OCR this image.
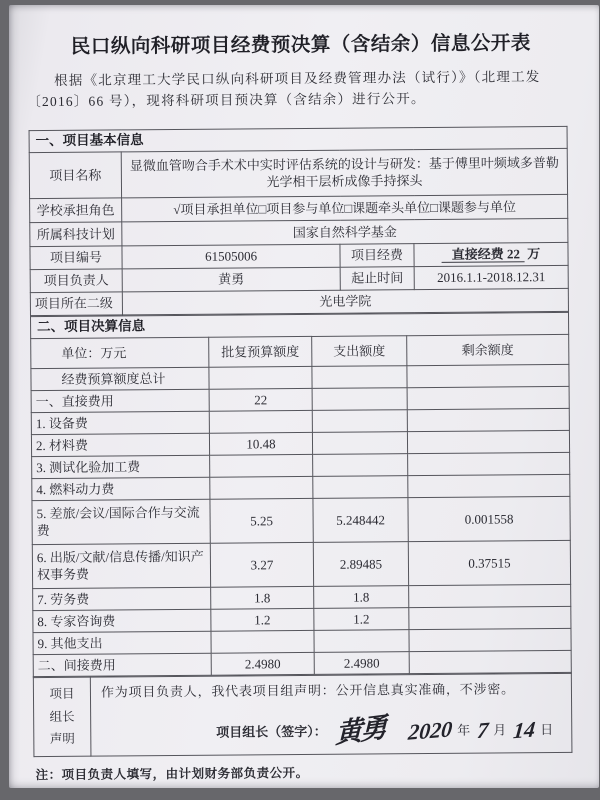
民口纵向科研项目经费预决算（含结余）信息公开表
根据《北京理工大学民口纵向科研项目及经费管理办法（试行）》（北理工发
〔2016〕66 号），现将科研项目预决算（含结余）进行公开。
一、项目基本信息			
项目名称	显微血管吻合手术术中实时评估系统的设计与研发：基于傅里叶频域多普勒光学相干层析成像手持探头		
学校承担角色	√项目承担单位□项目参与单位□课题牵头单位□课题参与单位		
所属科技计划	国家自然科学基金		
项目编号	61505006	项目经费	直接经费 22 万
项目负责人	黄勇	起止时间	2016.1.1-2018.12.31
项目所在二级	光电学院		
二、项目决算信息			
单位：万元	批复预算额度	支出额度	剩余额度
经费预算额度总计			
一、直接费用	22		
1. 设备费			
2. 材料费	10.48		
3. 测试化验加工费			
4. 燃料动力费			
5. 差旅/会议/国际合作与交流费	5.25	5.248442	0.001558
6. 出版/文献/信息传播/知识产权事务费	3.27	2.89485	0.37515
7. 劳务费	1.8	1.8	
8. 专家咨询费	1.2	1.2	
9. 其他支出			
二、间接费用	2.4980	2.4980	
项目
组长
声明

作为项目负责人，我代表项目组声明：公开信息真实准确，不涉密。
项目组长（签字）： 黄勇 2020 年 7 月 14 日
注：项目负责人填写，由计划财务部负责公开。
